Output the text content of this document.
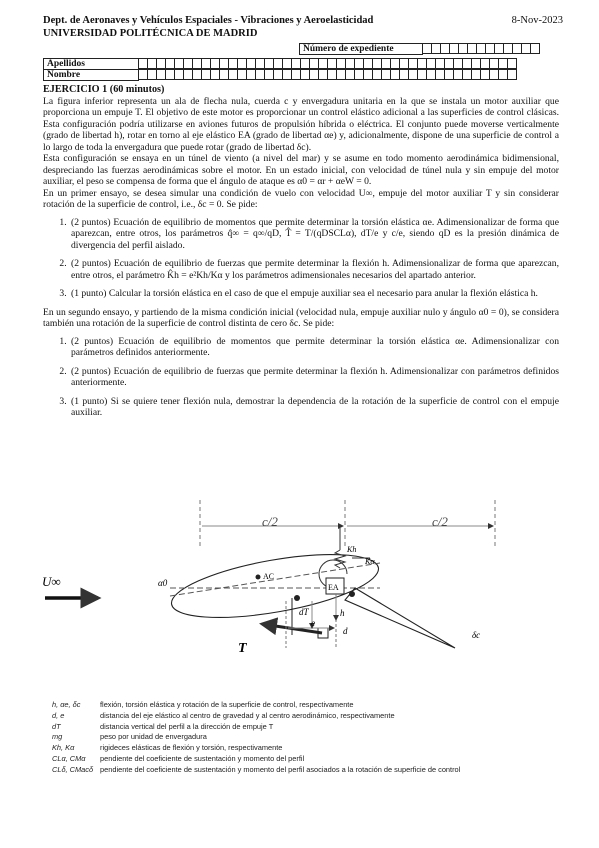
Dept. de Aeronaves y Vehículos Espaciales - Vibraciones y Aeroelasticidad	8-Nov-2023
UNIVERSIDAD POLITÉCNICA DE MADRID
Número de expediente
Apellidos
Nombre
EJERCICIO 1 (60 minutos)
La figura inferior representa un ala de flecha nula, cuerda c y envergadura unitaria en la que se instala un motor auxiliar que proporciona un empuje T. El objetivo de este motor es proporcionar un control elástico adicional a las superficies de control clásicas. Esta configuración podría utilizarse en aviones futuros de propulsión híbrida o eléctrica. El conjunto puede moverse verticalmente (grado de libertad h), rotar en torno al eje elástico EA (grado de libertad αe) y, adicionalmente, dispone de una superficie de control a lo largo de toda la envergadura que puede rotar (grado de libertad δc).
Esta configuración se ensaya en un túnel de viento (a nivel del mar) y se asume en todo momento aerodinámica bidimensional, despreciando las fuerzas aerodinámicas sobre el motor. En un estado inicial, con velocidad de túnel nula y sin empuje del motor auxiliar, el peso se compensa de forma que el ángulo de ataque es α0 = αr + αeW = 0.
En un primer ensayo, se desea simular una condición de vuelo con velocidad U∞, empuje del motor auxiliar T y sin considerar rotación de la superficie de control, i.e., δc = 0. Se pide:
1. (2 puntos) Ecuación de equilibrio de momentos que permite determinar la torsión elástica αe. Adimensionalizar de forma que aparezcan, entre otros, los parámetros q̂∞ = q∞/qD, T̂ = T/(qDSCLα), dT/e y c/e, siendo qD es la presión dinámica de divergencia del perfil aislado.
2. (2 puntos) Ecuación de equilibrio de fuerzas que permite determinar la flexión h. Adimensionalizar de forma que aparezcan, entre otros, el parámetro K̂h = e²Kh/Kα y los parámetros adimensionales necesarios del apartado anterior.
3. (1 punto) Calcular la torsión elástica en el caso de que el empuje auxiliar sea el necesario para anular la flexión elástica h.
En un segundo ensayo, y partiendo de la misma condición inicial (velocidad nula, empuje auxiliar nulo y ángulo α0 = 0), se considera también una rotación de la superficie de control distinta de cero δc. Se pide:
1. (2 puntos) Ecuación de equilibrio de momentos que permite determinar la torsión elástica αe. Adimensionalizar con parámetros definidos anteriormente.
2. (2 puntos) Ecuación de equilibrio de fuerzas que permite determinar la flexión h. Adimensionalizar con parámetros definidos anteriormente.
3. (1 punto) Si se quiere tener flexión nula, demostrar la dependencia de la rotación de la superficie de control con el empuje auxiliar.
c/2	c/2
U∞	α0
AC
EA
Kh
Kα
T
e
dT	h
d	δc
h, αe, δc	flexión, torsión elástica y rotación de la superficie de control, respectivamente
d, e	distancia del eje elástico al centro de gravedad y al centro aerodinámico, respectivamente
dT	distancia vertical del perfil a la dirección de empuje T
mg	peso por unidad de envergadura
Kh, Kα	rigideces elásticas de flexión y torsión, respectivamente
CLα, CMα	pendiente del coeficiente de sustentación y momento del perfil
CLδ, CMacδ pendiente del coeficiente de sustentación y momento del perfil asociados a la rotación de superficie de control
